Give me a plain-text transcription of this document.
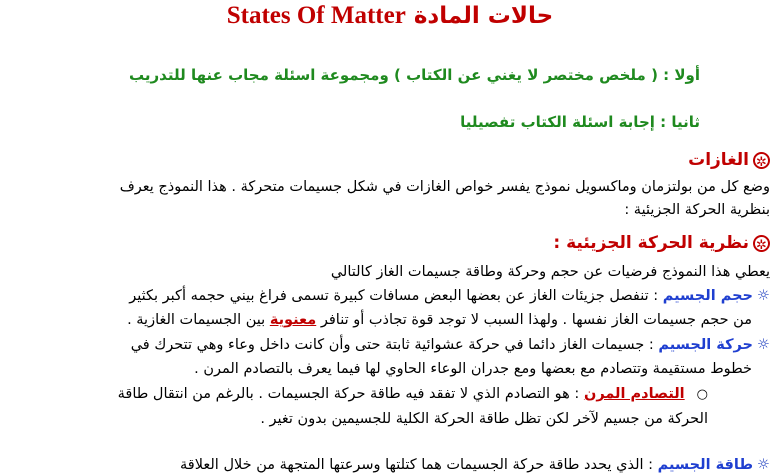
حالات المادة States Of Matter
أولا : ( ملخص مختصر لا يغني عن الكتاب ) ومجموعة اسئلة مجاب عنها للتدريب
ثانيا : إجابة اسئلة الكتاب تفصيليا
✲
الغازات
وضع كل من بولتزمان وماكسويل نموذج يفسر خواص الغازات في شكل جسيمات متحركة . هذا النموذج يعرف
بنظرية الحركة الجزيئية :
✲
نظرية الحركة الجزيئية :
يعطي هذا النموذج فرضيات عن حجم وحركة وطاقة جسيمات الغاز كالتالي
☼حجم الجسيم : تنفصل جزيئات الغاز عن بعضها البعض مسافات كبيرة تسمى فراغ بيني حجمه أكبر بكثير
من حجم جسيمات الغاز نفسها . ولهذا السبب لا توجد قوة تجاذب أو تنافر معنوية بين الجسيمات الغازية .
☼حركة الجسيم : جسيمات الغاز دائما في حركة عشوائية ثابتة حتى وأن كانت داخل وعاء وهي تتحرك في
خطوط مستقيمة وتتصادم مع بعضها ومع جدران الوعاء الحاوي لها فيما يعرف بالتصادم المرن .
○التصادم المرن : هو التصادم الذي لا تفقد فيه طاقة حركة الجسيمات . بالرغم من انتقال طاقة
الحركة من جسيم لآخر لكن تظل طاقة الحركة الكلية للجسيمين بدون تغير .
☼طاقة الجسيم : الذي يحدد طاقة حركة الجسيمات هما كتلتها وسرعتها المتجهة من خلال العلاقة
